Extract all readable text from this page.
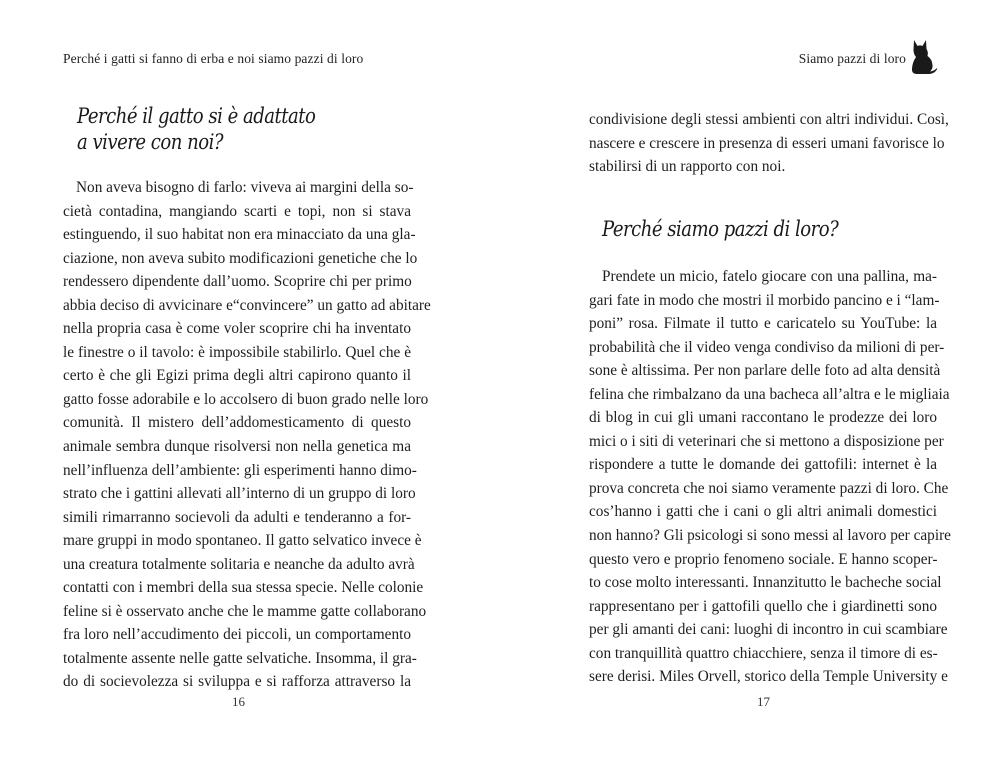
Perché i gatti si fanno di erba e noi siamo pazzi di loro
Perché il gatto si è adattato
a vivere con noi?
Non aveva bisogno di farlo: viveva ai margini della so-
cietà contadina, mangiando scarti e topi, non si stava
estinguendo, il suo habitat non era minacciato da una gla-
ciazione, non aveva subito modificazioni genetiche che lo
rendessero dipendente dall’uomo. Scoprire chi per primo
abbia deciso di avvicinare e“convincere” un gatto ad abitare
nella propria casa è come voler scoprire chi ha inventato
le finestre o il tavolo: è impossibile stabilirlo. Quel che è
certo è che gli Egizi prima degli altri capirono quanto il
gatto fosse adorabile e lo accolsero di buon grado nelle loro
comunità. Il mistero dell’addomesticamento di questo
animale sembra dunque risolversi non nella genetica ma
nell’influenza dell’ambiente: gli esperimenti hanno dimo-
strato che i gattini allevati all’interno di un gruppo di loro
simili rimarranno socievoli da adulti e tenderanno a for-
mare gruppi in modo spontaneo. Il gatto selvatico invece è
una creatura totalmente solitaria e neanche da adulto avrà
contatti con i membri della sua stessa specie. Nelle colonie
feline si è osservato anche che le mamme gatte collaborano
fra loro nell’accudimento dei piccoli, un comportamento
totalmente assente nelle gatte selvatiche. Insomma, il gra-
do di socievolezza si sviluppa e si rafforza attraverso la
16
Siamo pazzi di loro
condivisione degli stessi ambienti con altri individui. Così,
nascere e crescere in presenza di esseri umani favorisce lo
stabilirsi di un rapporto con noi.
Perché siamo pazzi di loro?
Prendete un micio, fatelo giocare con una pallina, ma-
gari fate in modo che mostri il morbido pancino e i “lam-
poni” rosa. Filmate il tutto e caricatelo su YouTube: la
probabilità che il video venga condiviso da milioni di per-
sone è altissima. Per non parlare delle foto ad alta densità
felina che rimbalzano da una bacheca all’altra e le migliaia
di blog in cui gli umani raccontano le prodezze dei loro
mici o i siti di veterinari che si mettono a disposizione per
rispondere a tutte le domande dei gattofili: internet è la
prova concreta che noi siamo veramente pazzi di loro. Che
cos’hanno i gatti che i cani o gli altri animali domestici
non hanno? Gli psicologi si sono messi al lavoro per capire
questo vero e proprio fenomeno sociale. E hanno scoper-
to cose molto interessanti. Innanzitutto le bacheche social
rappresentano per i gattofili quello che i giardinetti sono
per gli amanti dei cani: luoghi di incontro in cui scambiare
con tranquillità quattro chiacchiere, senza il timore di es-
sere derisi. Miles Orvell, storico della Temple University e
17
